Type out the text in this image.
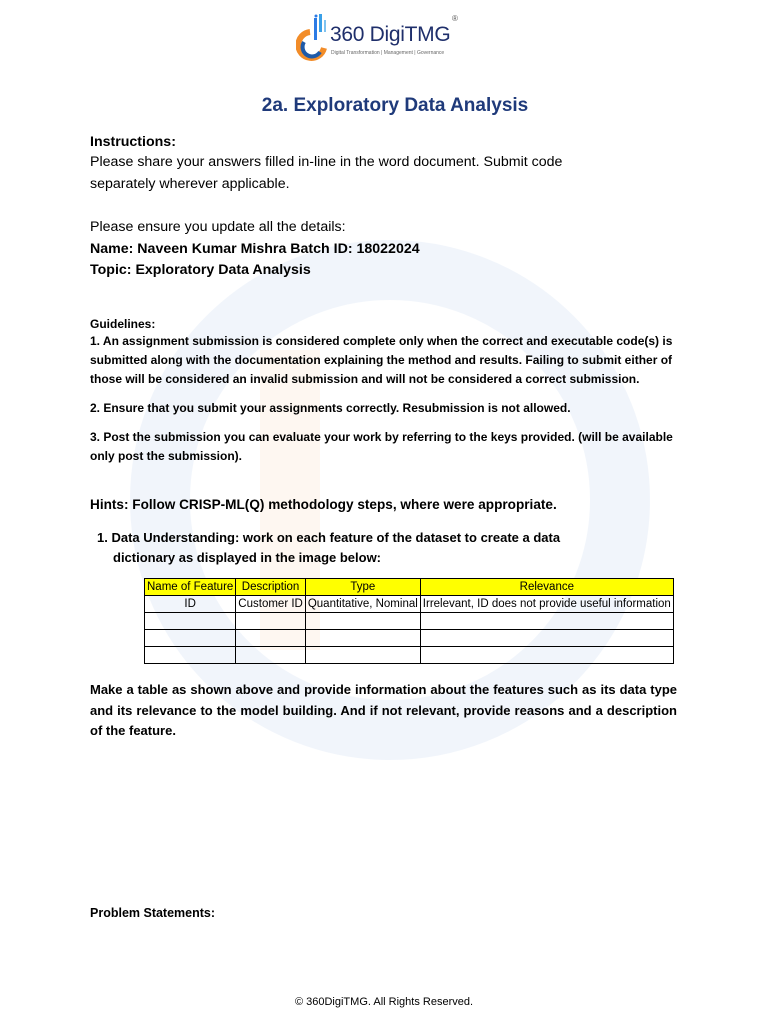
360 DigiTMG
®
Digital Transformation | Management | Governance
2a. Exploratory Data Analysis
Instructions:
Please share your answers filled in-line in the word document. Submit code
separately wherever applicable.
Please ensure you update all the details:
Name: Naveen Kumar Mishra Batch ID: 18022024
Topic: Exploratory Data Analysis
Guidelines:
1. An assignment submission is considered complete only when the correct and executable code(s) is submitted along with the documentation explaining the method and results. Failing to submit either of those will be considered an invalid submission and will not be considered a correct submission.
2. Ensure that you submit your assignments correctly. Resubmission is not allowed.
3. Post the submission you can evaluate your work by referring to the keys provided. (will be available only post the submission).
Hints: Follow CRISP-ML(Q) methodology steps, where were appropriate.
1. Data Understanding: work on each feature of the dataset to create a data
dictionary as displayed in the image below:
Name of Feature	Description	Type	Relevance
ID	Customer ID	Quantitative, Nominal	Irrelevant, ID does not provide useful information

Make a table as shown above and provide information about the features such as its data type and its relevance to the model building. And if not relevant, provide reasons and a description of the feature.
Problem Statements:
© 360DigiTMG. All Rights Reserved.
